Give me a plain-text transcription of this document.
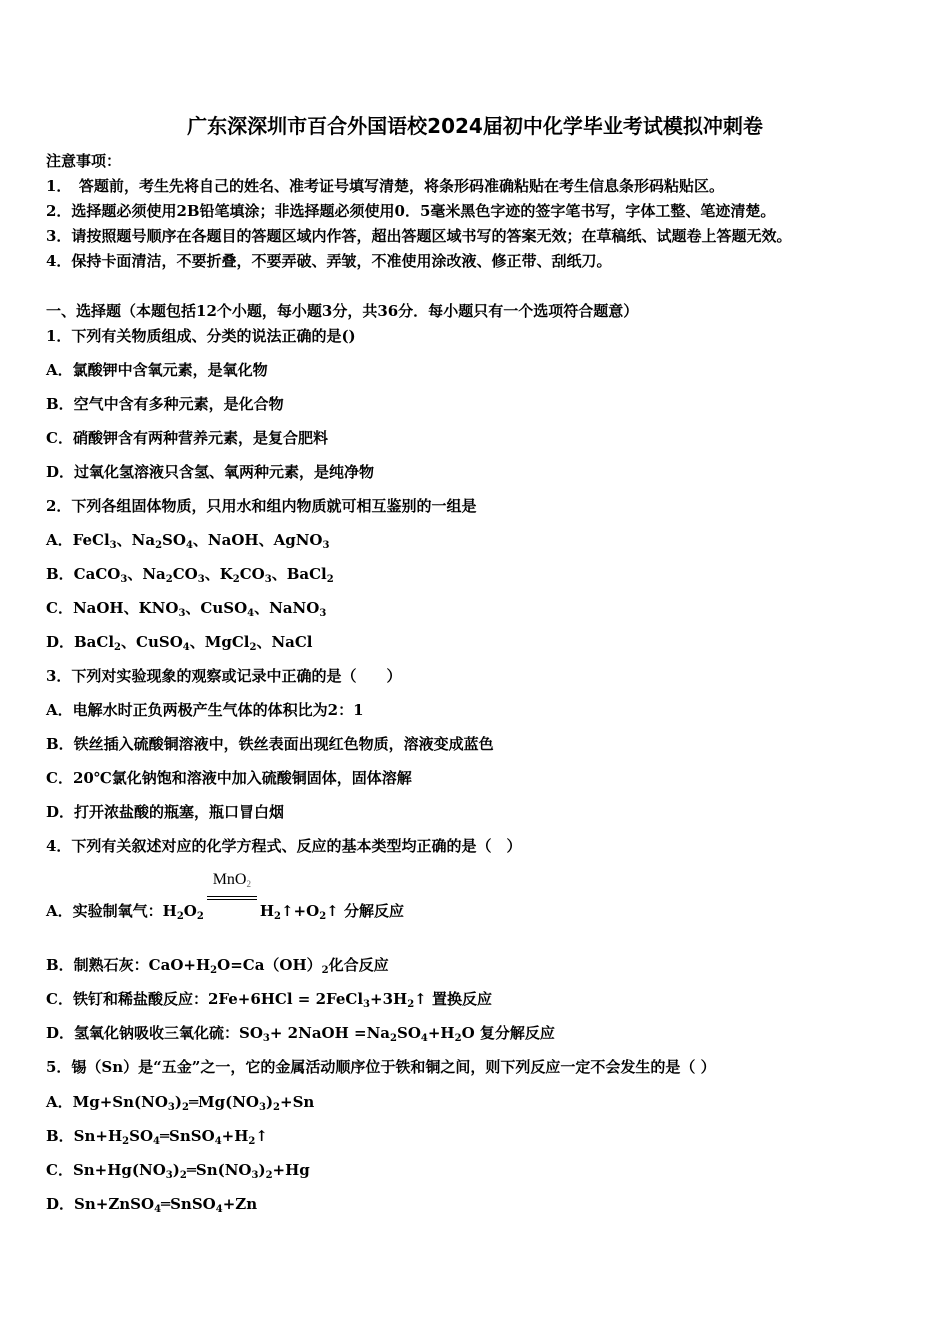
广东深深圳市百合外国语校2024届初中化学毕业考试模拟冲刺卷
注意事项：
1．　答题前，考生先将自己的姓名、准考证号填写清楚，将条形码准确粘贴在考生信息条形码粘贴区。
2．选择题必须使用2B铅笔填涂；非选择题必须使用0．5毫米黑色字迹的签字笔书写，字体工整、笔迹清楚。
3．请按照题号顺序在各题目的答题区域内作答，超出答题区域书写的答案无效；在草稿纸、试题卷上答题无效。
4．保持卡面清洁，不要折叠，不要弄破、弄皱，不准使用涂改液、修正带、刮纸刀。
一、选择题（本题包括12个小题，每小题3分，共36分．每小题只有一个选项符合题意）
1．下列有关物质组成、分类的说法正确的是()
A．氯酸钾中含氧元素，是氧化物
B．空气中含有多种元素，是化合物
C．硝酸钾含有两种营养元素，是复合肥料
D．过氧化氢溶液只含氢、氧两种元素，是纯净物
2．下列各组固体物质，只用水和组内物质就可相互鉴别的一组是
A．FeCl$_3$、$Na_2SO_4$、NaOH、AgNO$_3$
B．CaCO$_3$、$Na_2CO_3$、$K_2CO_3$、BaCl$_2$
C．NaOH、$KNO_3$、CuSO$_4$、NaNO$_3$
D．BaCl$_2$、CuSO$_4$、MgCl$_2$、NaCl
3．下列对实验现象的观察或记录中正确的是（　　）
A．电解水时正负两极产生气体的体积比为2：1
B．铁丝插入硫酸铜溶液中，铁丝表面出现红色物质，溶液变成蓝色
C．20℃氯化钠饱和溶液中加入硫酸铜固体，固体溶解
D．打开浓盐酸的瓶塞，瓶口冒白烟
4．下列有关叙述对应的化学方程式、反应的基本类型均正确的是（　）
A．实验制氧气：$H_2O_2$
MnO$_2$
$H_2↑+O_2↑$ 分解反应
B．制熟石灰：$CaO+H_2O=Ca(OH)_2$化合反应
C．铁钉和稀盐酸反应：$2Fe+6HCl = 2FeCl_3+3H_2↑$ 置换反应
D．氢氧化钠吸收三氧化硫：$SO_3+$ 2NaOH $=Na_2SO_4+H_2O$ 复分解反应
5．锡（Sn）是“五金”之一，它的金属活动顺序位于铁和铜之间，则下列反应一定不会发生的是（ ）
A．$Mg+Sn(NO_3)_2═Mg(NO_3)_2+Sn$
B．$Sn+H_2SO_4═SnSO_4+H_2↑$
C．$Sn+Hg(NO_3)_2═Sn(NO_3)_2+Hg$
D．Sn+ZnSO$_4$═SnSO$_4$+Zn
